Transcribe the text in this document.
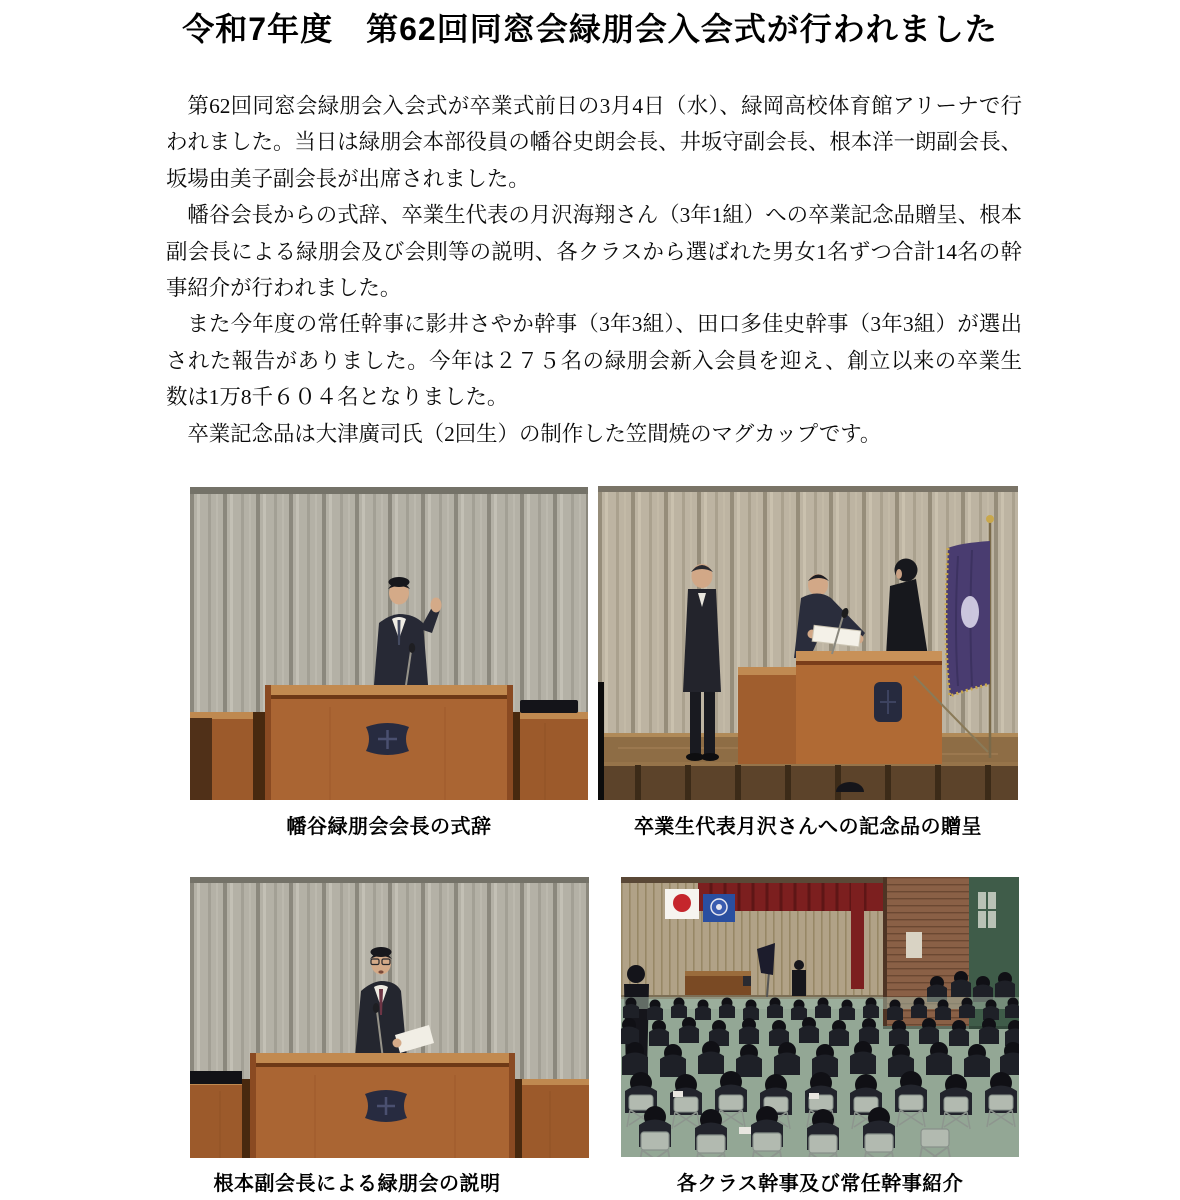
令和7年度　第62回同窓会緑朋会入会式が行われました

第62回同窓会緑朋会入会式が卒業式前日の3月4日（水）、緑岡高校体育館アリーナで行われました。当日は緑朋会本部役員の幡谷史朗会長、井坂守副会長、根本洋一朗副会長、坂場由美子副会長が出席されました。

幡谷会長からの式辞、卒業生代表の月沢海翔さん（3年1組）への卒業記念品贈呈、根本副会長による緑朋会及び会則等の説明、各クラスから選ばれた男女1名ずつ合計14名の幹事紹介が行われました。

また今年度の常任幹事に影井さやか幹事（3年3組）、田口多佳史幹事（3年3組）が選出された報告がありました。今年は２７５名の緑朋会新入会員を迎え、創立以来の卒業生数は1万8千６０４名となりました。

卒業記念品は大津廣司氏（2回生）の制作した笠間焼のマグカップです。

幡谷緑朋会会長の式辞	卒業生代表月沢さんへの記念品の贈呈
根本副会長による緑朋会の説明	各クラス幹事及び常任幹事紹介
